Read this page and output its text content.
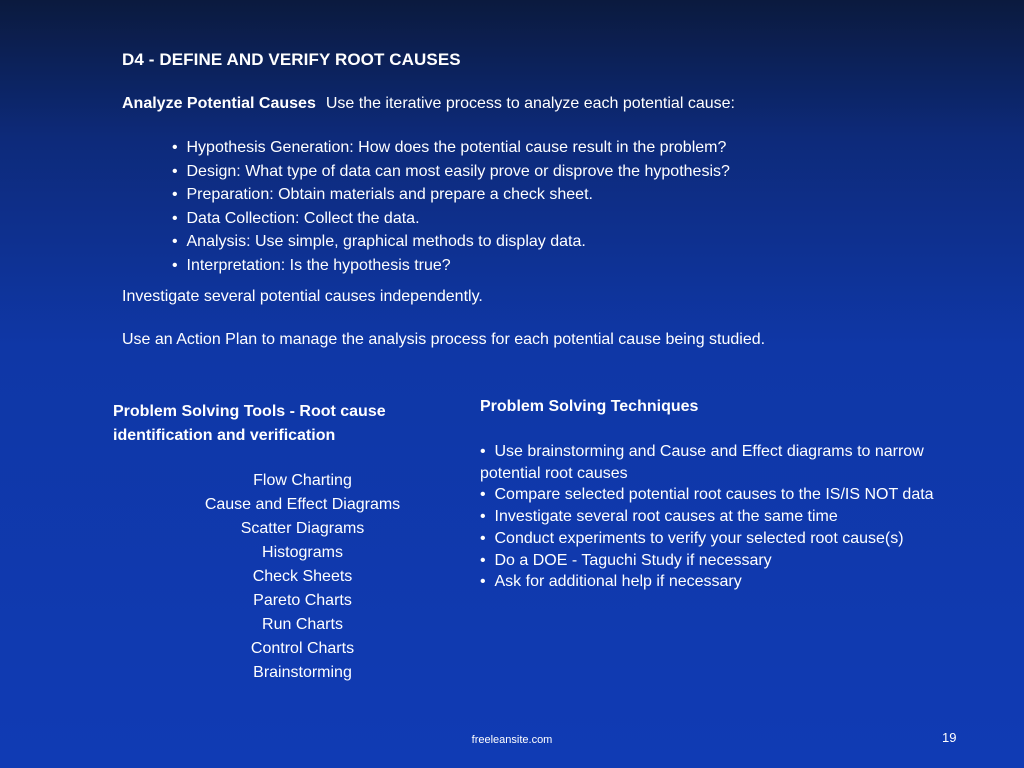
D4 - DEFINE AND VERIFY ROOT CAUSES
Analyze Potential Causes Use the iterative process to analyze each potential cause:
•  Hypothesis Generation: How does the potential cause result in the problem?
•  Design: What type of data can most easily prove or disprove the hypothesis?
•  Preparation: Obtain materials and prepare a check sheet.
•  Data Collection: Collect the data.
•  Analysis: Use simple, graphical methods to display data.
•  Interpretation: Is the hypothesis true?
Investigate several potential causes independently.
Use an Action Plan to manage the analysis process for each potential cause being studied.
Problem Solving Tools - Root cause identification and verification
Flow Charting
Cause and Effect Diagrams
Scatter Diagrams
Histograms
Check Sheets
Pareto Charts
Run Charts
Control Charts
Brainstorming
Problem Solving Techniques
•  Use brainstorming and Cause and Effect diagrams to narrow potential root causes
•  Compare selected potential root causes to the IS/IS NOT data
•  Investigate several root causes at the same time
•  Conduct experiments to verify your selected root cause(s)
•  Do a DOE - Taguchi Study if necessary
•  Ask for additional help if necessary
freeleansite.com	19
